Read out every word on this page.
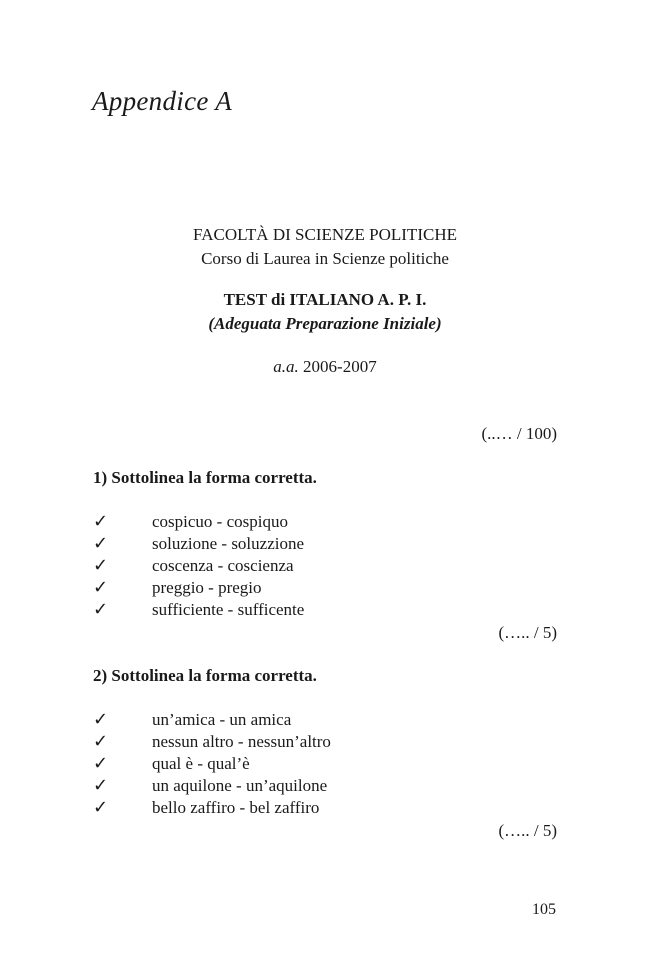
Appendice A
FACOLTÀ DI SCIENZE POLITICHE
Corso di Laurea in Scienze politiche
TEST di ITALIANO A. P. I.
(Adeguata Preparazione Iniziale)
a.a. 2006-2007
(..… / 100)
1) Sottolinea la forma corretta.
✓	cospicuo - cospiquo
✓	soluzione - soluzzione
✓	coscenza - coscienza
✓	preggio - pregio
✓	sufficiente - sufficente
(….. / 5)
2) Sottolinea la forma corretta.
✓	un’amica - un amica
✓	nessun altro - nessun’altro
✓	qual è - qual’è
✓	un aquilone - un’aquilone
✓	bello zaffiro - bel zaffiro
(….. / 5)
105
